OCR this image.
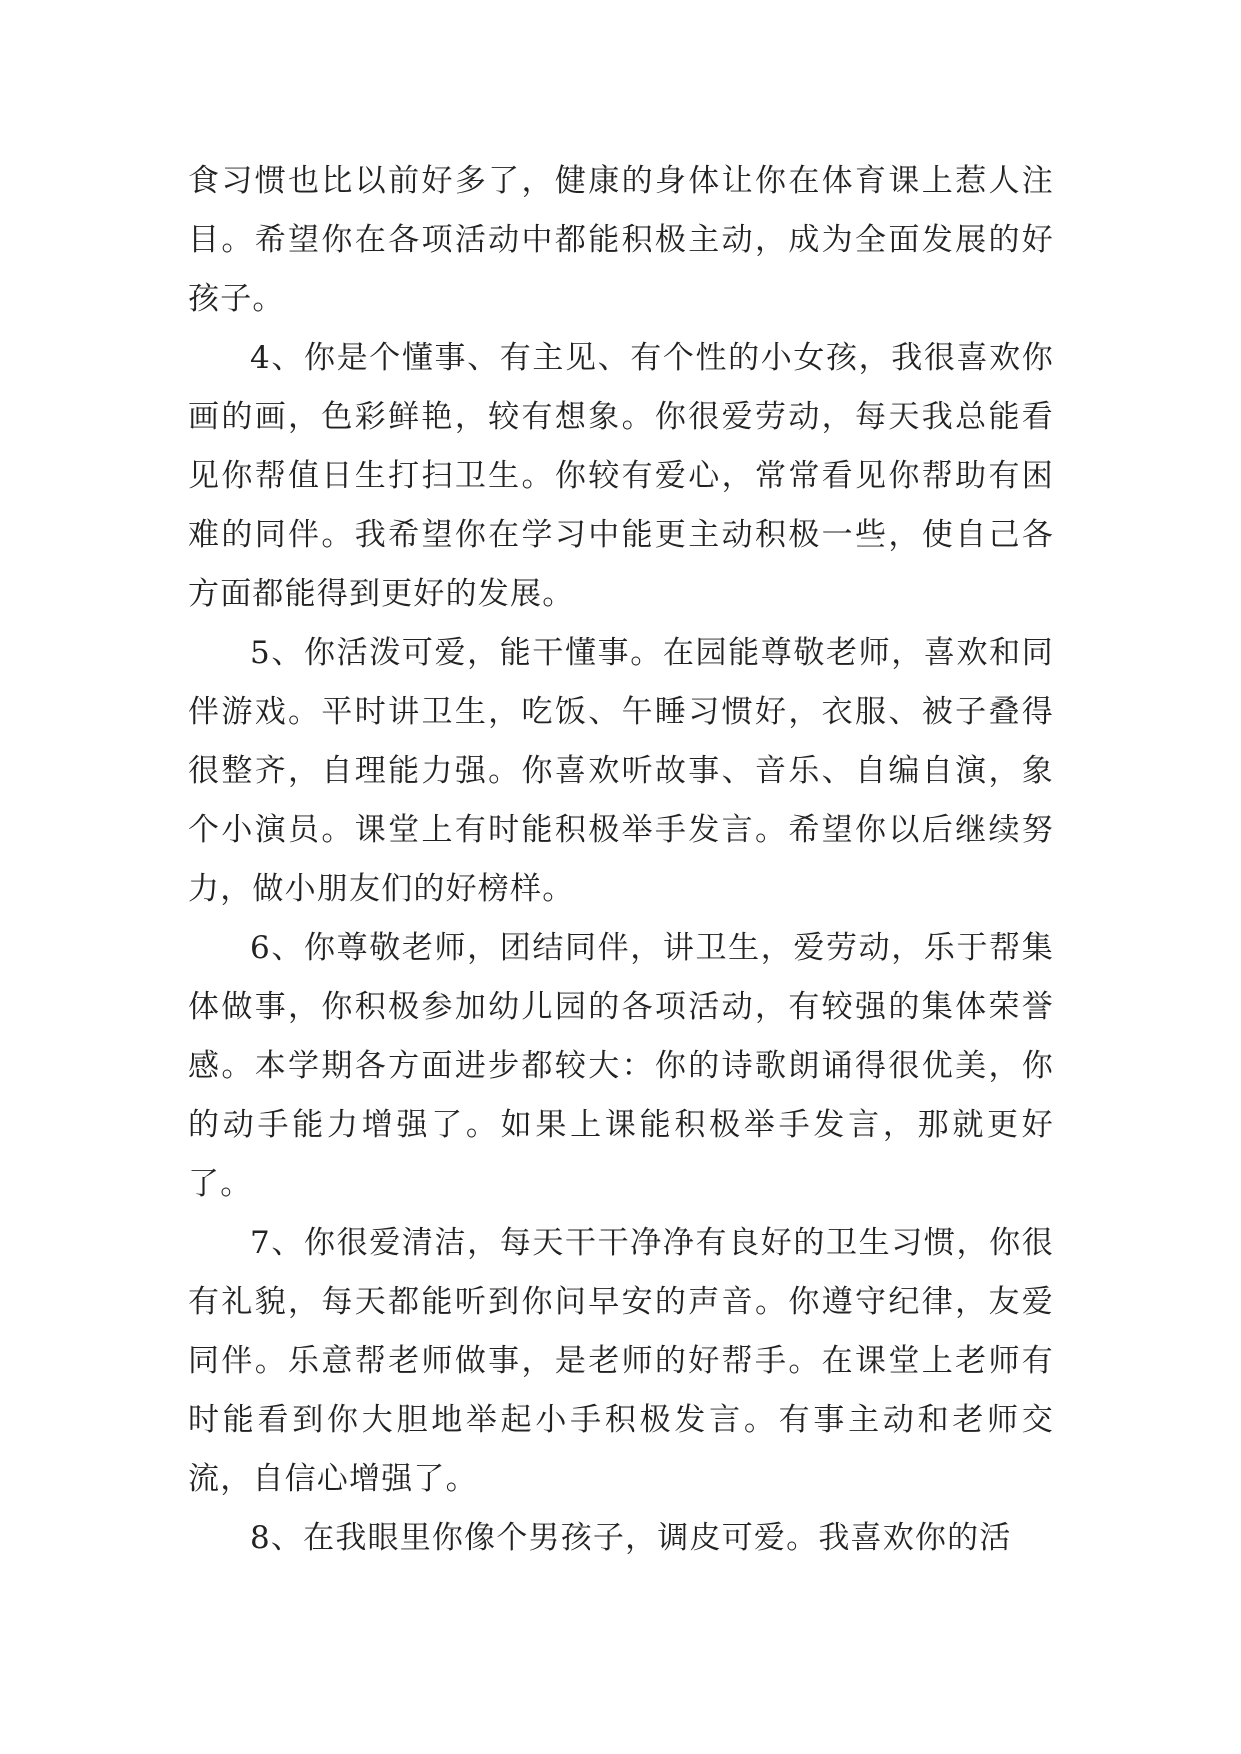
食习惯也比以前好多了，健康的身体让你在体育课上惹人注目。希望你在各项活动中都能积极主动，成为全面发展的好孩子。

4、你是个懂事、有主见、有个性的小女孩，我很喜欢你画的画，色彩鲜艳，较有想象。你很爱劳动，每天我总能看见你帮值日生打扫卫生。你较有爱心，常常看见你帮助有困难的同伴。我希望你在学习中能更主动积极一些，使自己各方面都能得到更好的发展。

5、你活泼可爱，能干懂事。在园能尊敬老师，喜欢和同伴游戏。平时讲卫生，吃饭、午睡习惯好，衣服、被子叠得很整齐，自理能力强。你喜欢听故事、音乐、自编自演，象个小演员。课堂上有时能积极举手发言。希望你以后继续努力，做小朋友们的好榜样。

6、你尊敬老师，团结同伴，讲卫生，爱劳动，乐于帮集体做事，你积极参加幼儿园的各项活动，有较强的集体荣誉感。本学期各方面进步都较大：你的诗歌朗诵得很优美，你的动手能力增强了。如果上课能积极举手发言，那就更好了。

7、你很爱清洁，每天干干净净有良好的卫生习惯，你很有礼貌，每天都能听到你问早安的声音。你遵守纪律，友爱同伴。乐意帮老师做事，是老师的好帮手。在课堂上老师有时能看到你大胆地举起小手积极发言。有事主动和老师交流，自信心增强了。

8、在我眼里你像个男孩子，调皮可爱。我喜欢你的活
